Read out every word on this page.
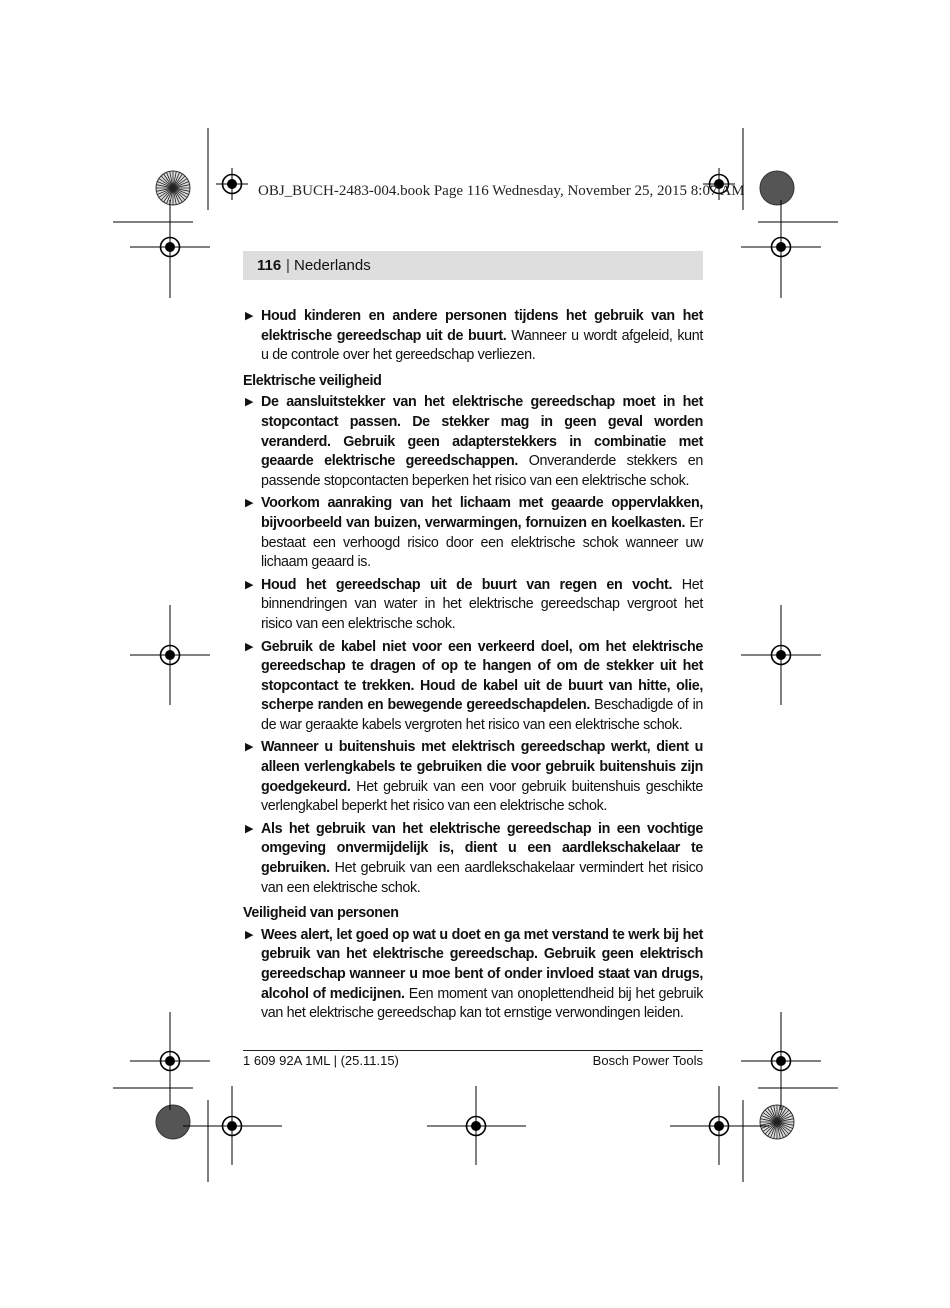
OBJ_BUCH-2483-004.book Page 116 Wednesday, November 25, 2015 8:07 AM
116 | Nederlands
▶ Houd kinderen en andere personen tijdens het gebruik van het elektrische gereedschap uit de buurt. Wanneer u wordt afgeleid, kunt u de controle over het gereedschap verliezen.
Elektrische veiligheid
▶ De aansluitstekker van het elektrische gereedschap moet in het stopcontact passen. De stekker mag in geen geval worden veranderd. Gebruik geen adapterstekkers in combinatie met geaarde elektrische gereedschappen. Onveranderde stekkers en passende stopcontacten beperken het risico van een elektrische schok.
▶ Voorkom aanraking van het lichaam met geaarde oppervlakken, bijvoorbeeld van buizen, verwarmingen, fornuizen en koelkasten. Er bestaat een verhoogd risico door een elektrische schok wanneer uw lichaam geaard is.
▶ Houd het gereedschap uit de buurt van regen en vocht. Het binnendringen van water in het elektrische gereedschap vergroot het risico van een elektrische schok.
▶ Gebruik de kabel niet voor een verkeerd doel, om het elektrische gereedschap te dragen of op te hangen of om de stekker uit het stopcontact te trekken. Houd de kabel uit de buurt van hitte, olie, scherpe randen en bewegende gereedschapdelen. Beschadigde of in de war geraakte kabels vergroten het risico van een elektrische schok.
▶ Wanneer u buitenshuis met elektrisch gereedschap werkt, dient u alleen verlengkabels te gebruiken die voor gebruik buitenshuis zijn goedgekeurd. Het gebruik van een voor gebruik buitenshuis geschikte verlengkabel beperkt het risico van een elektrische schok.
▶ Als het gebruik van het elektrische gereedschap in een vochtige omgeving onvermijdelijk is, dient u een aardlekschakelaar te gebruiken. Het gebruik van een aardlekschakelaar vermindert het risico van een elektrische schok.
Veiligheid van personen
▶ Wees alert, let goed op wat u doet en ga met verstand te werk bij het gebruik van het elektrische gereedschap. Gebruik geen elektrisch gereedschap wanneer u moe bent of onder invloed staat van drugs, alcohol of medicijnen. Een moment van onoplettendheid bij het gebruik van het elektrische gereedschap kan tot ernstige verwondingen leiden.
1 609 92A 1ML | (25.11.15)	Bosch Power Tools
